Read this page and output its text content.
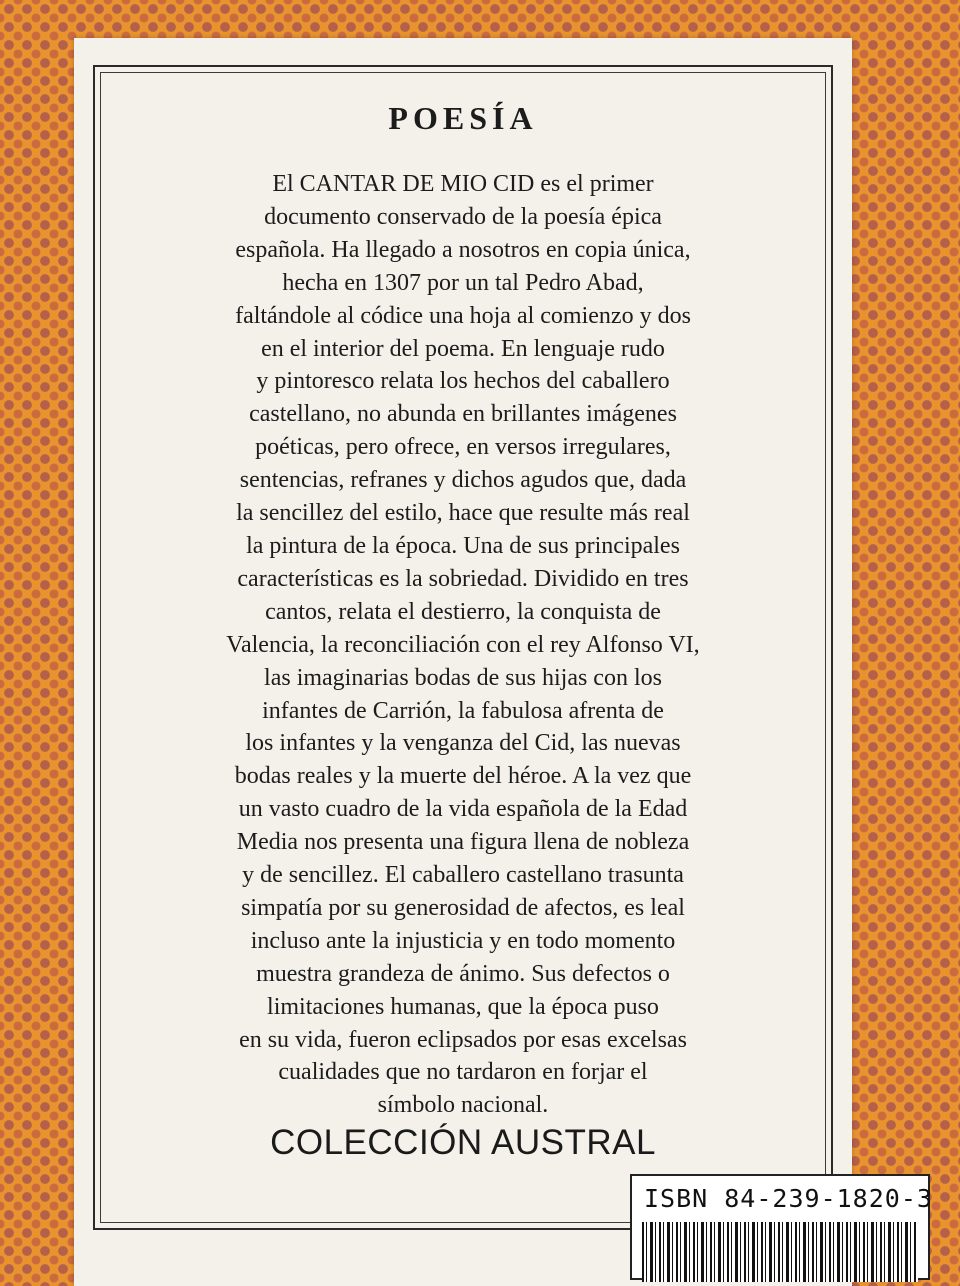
POESÍA

El CANTAR DE MIO CID es el primer
documento conservado de la poesía épica
española. Ha llegado a nosotros en copia única,
hecha en 1307 por un tal Pedro Abad,
faltándole al códice una hoja al comienzo y dos
en el interior del poema. En lenguaje rudo
y pintoresco relata los hechos del caballero
castellano, no abunda en brillantes imágenes
poéticas, pero ofrece, en versos irregulares,
sentencias, refranes y dichos agudos que, dada
la sencillez del estilo, hace que resulte más real
la pintura de la época. Una de sus principales
características es la sobriedad. Dividido en tres
cantos, relata el destierro, la conquista de
Valencia, la reconciliación con el rey Alfonso VI,
las imaginarias bodas de sus hijas con los
infantes de Carrión, la fabulosa afrenta de
los infantes y la venganza del Cid, las nuevas
bodas reales y la muerte del héroe. A la vez que
un vasto cuadro de la vida española de la Edad
Media nos presenta una figura llena de nobleza
y de sencillez. El caballero castellano trasunta
simpatía por su generosidad de afectos, es leal
incluso ante la injusticia y en todo momento
muestra grandeza de ánimo. Sus defectos o
limitaciones humanas, que la época puso
en su vida, fueron eclipsados por esas excelsas
cualidades que no tardaron en forjar el
símbolo nacional.

COLECCIÓN AUSTRAL
ISBN 84-239-1820-3
